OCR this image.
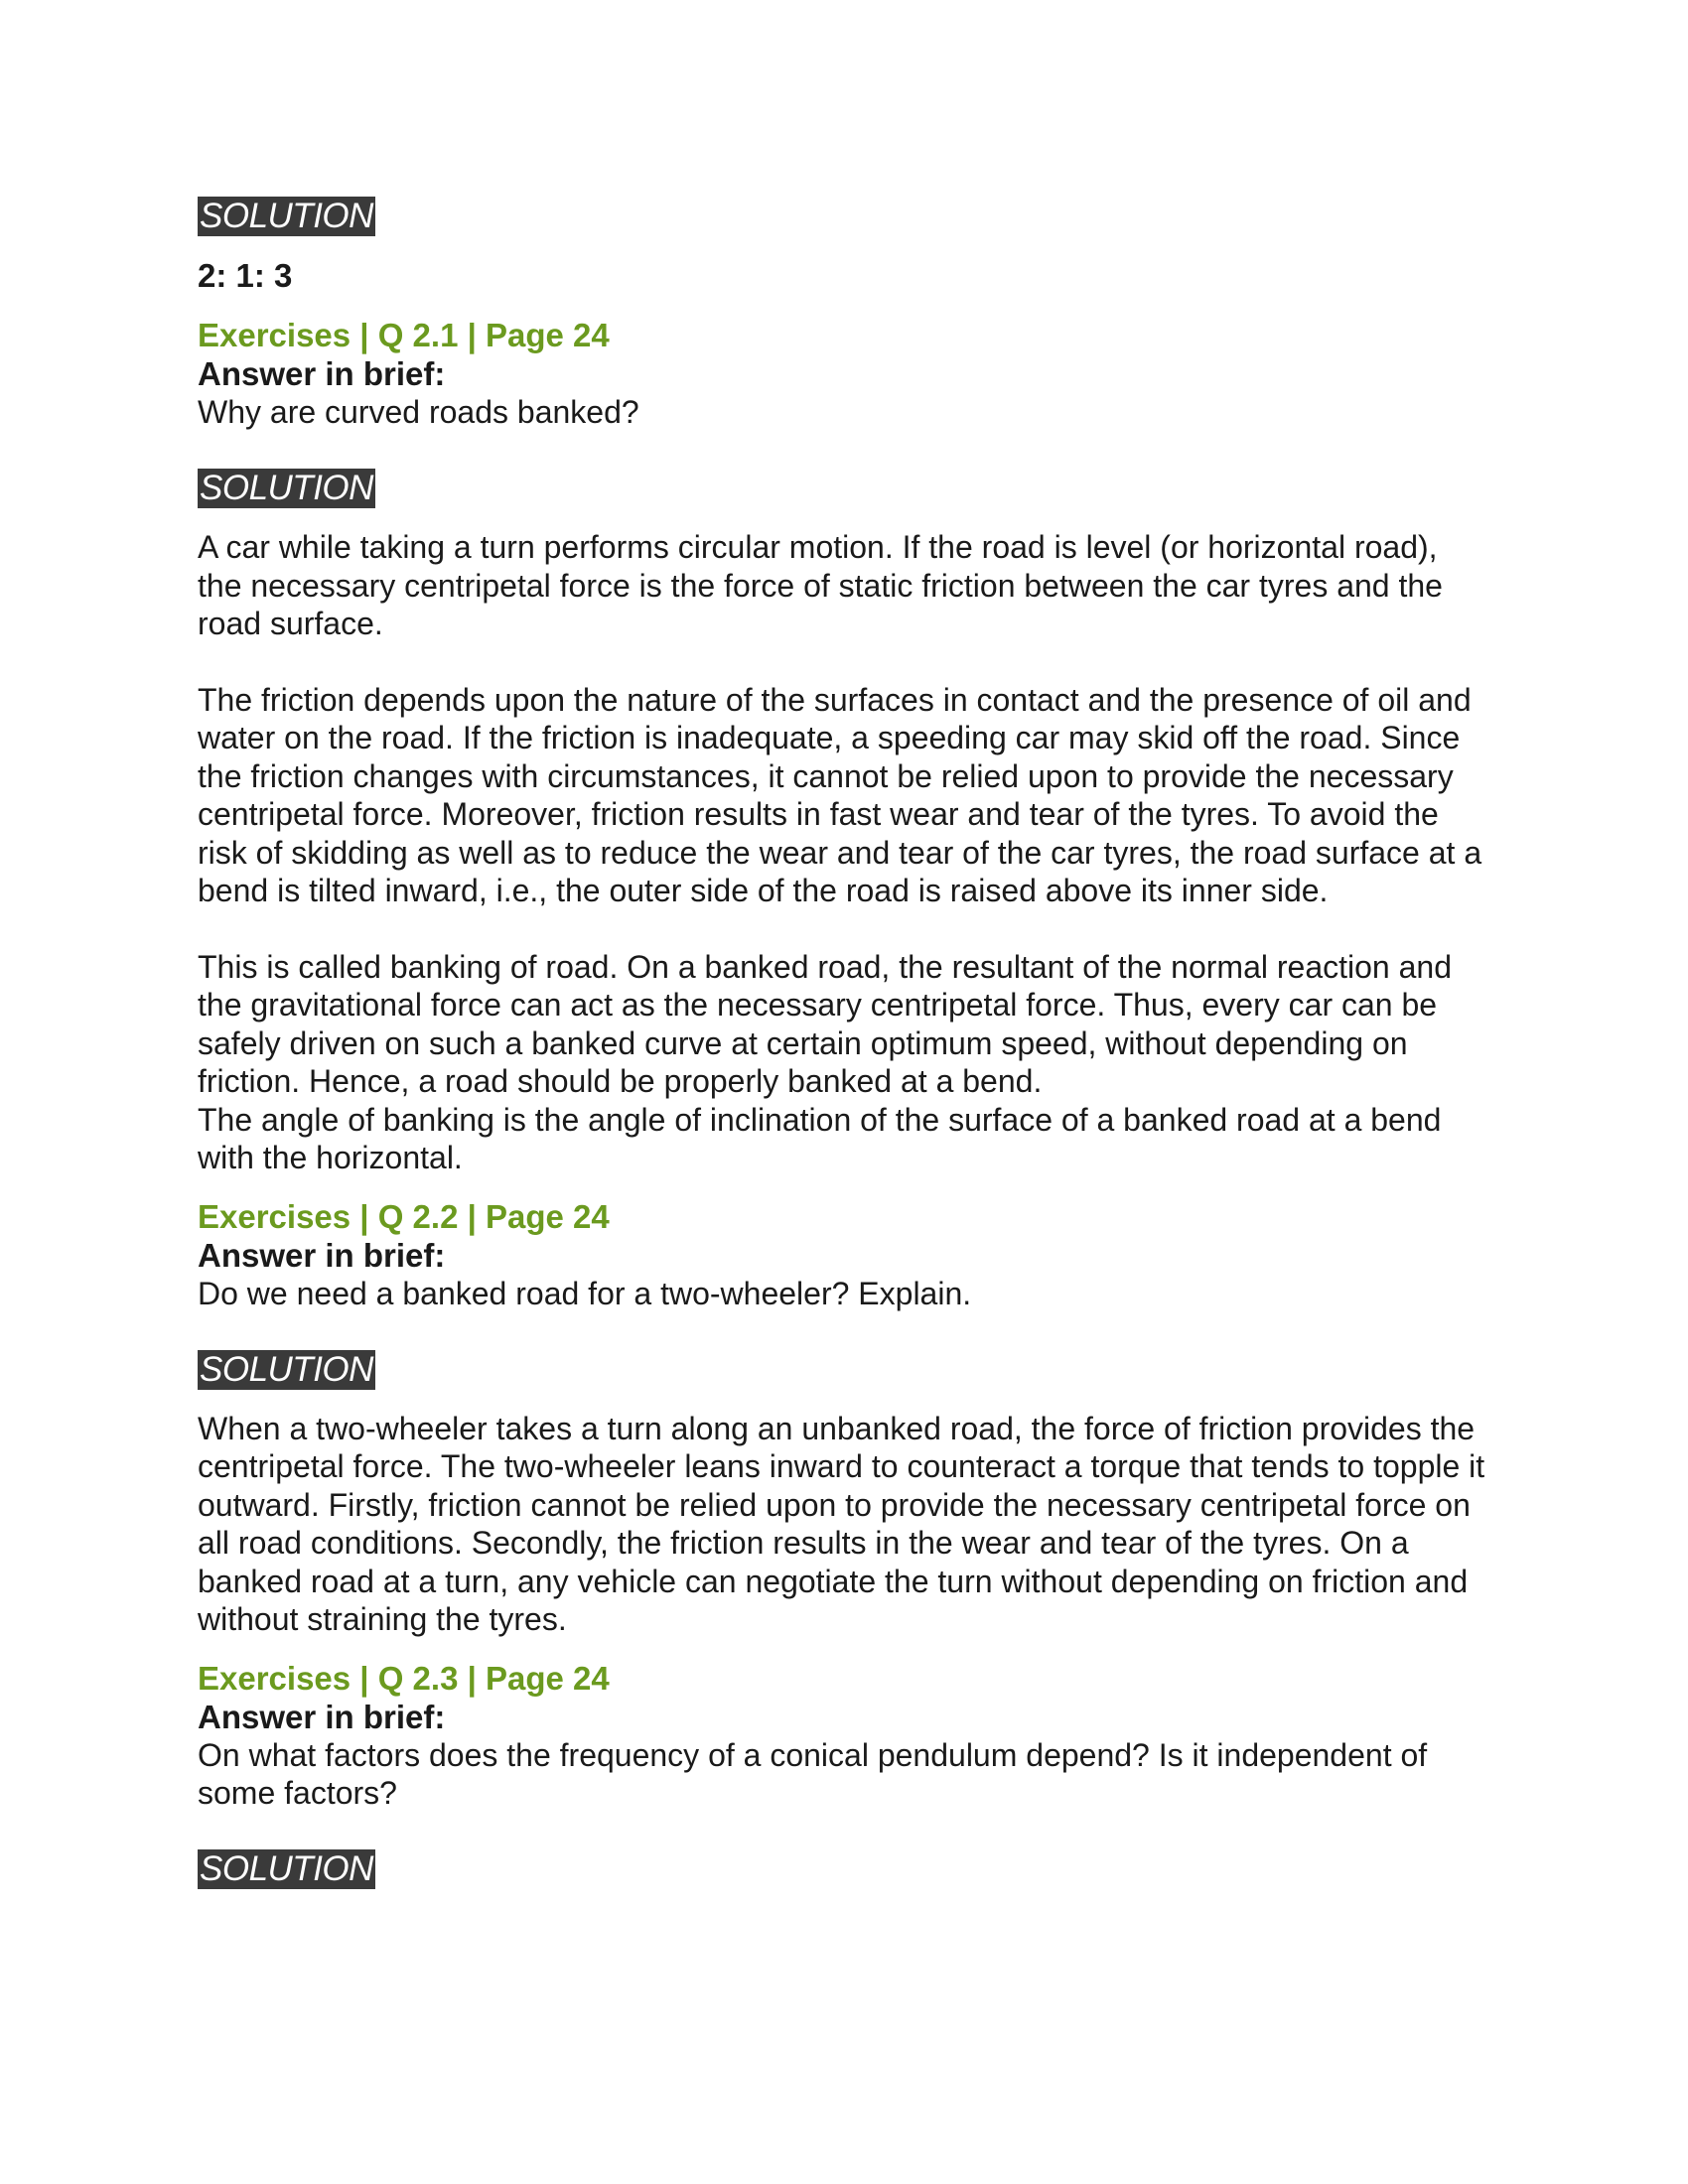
SOLUTION
2: 1: 3
Exercises | Q 2.1 | Page 24
Answer in brief:
Why are curved roads banked?
SOLUTION

A car while taking a turn performs circular motion. If the road is level (or horizontal road), the necessary centripetal force is the force of static friction between the car tyres and the road surface.

The friction depends upon the nature of the surfaces in contact and the presence of oil and water on the road. If the friction is inadequate, a speeding car may skid off the road. Since the friction changes with circumstances, it cannot be relied upon to provide the necessary centripetal force. Moreover, friction results in fast wear and tear of the tyres. To avoid the risk of skidding as well as to reduce the wear and tear of the car tyres, the road surface at a bend is tilted inward, i.e., the outer side of the road is raised above its inner side.

This is called banking of road. On a banked road, the resultant of the normal reaction and the gravitational force can act as the necessary centripetal force. Thus, every car can be safely driven on such a banked curve at certain optimum speed, without depending on friction. Hence, a road should be properly banked at a bend.

The angle of banking is the angle of inclination of the surface of a banked road at a bend with the horizontal.

Exercises | Q 2.2 | Page 24
Answer in brief:
Do we need a banked road for a two-wheeler? Explain.
SOLUTION

When a two-wheeler takes a turn along an unbanked road, the force of friction provides the centripetal force. The two-wheeler leans inward to counteract a torque that tends to topple it outward. Firstly, friction cannot be relied upon to provide the necessary centripetal force on all road conditions. Secondly, the friction results in the wear and tear of the tyres. On a banked road at a turn, any vehicle can negotiate the turn without depending on friction and without straining the tyres.

Exercises | Q 2.3 | Page 24
Answer in brief:
On what factors does the frequency of a conical pendulum depend? Is it independent of some factors?
SOLUTION
